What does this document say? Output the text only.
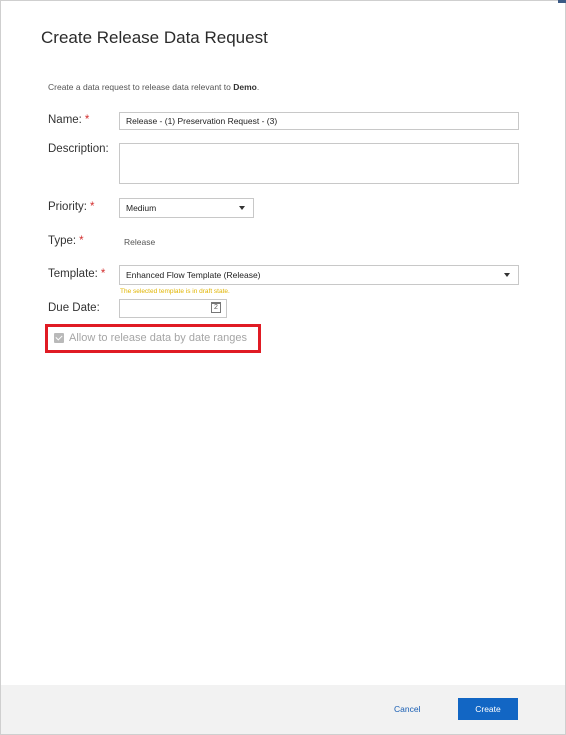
Create Release Data Request
Create a data request to release data relevant to Demo.
Name: *	Release - (1) Preservation Request - (3)
Description:
Priority: *	Medium
Type: *	Release
Template: * Enhanced Flow Template (Release)
The selected template is in draft state.
Due Date:	2
Allow to release data by date ranges
Cancel	Create
